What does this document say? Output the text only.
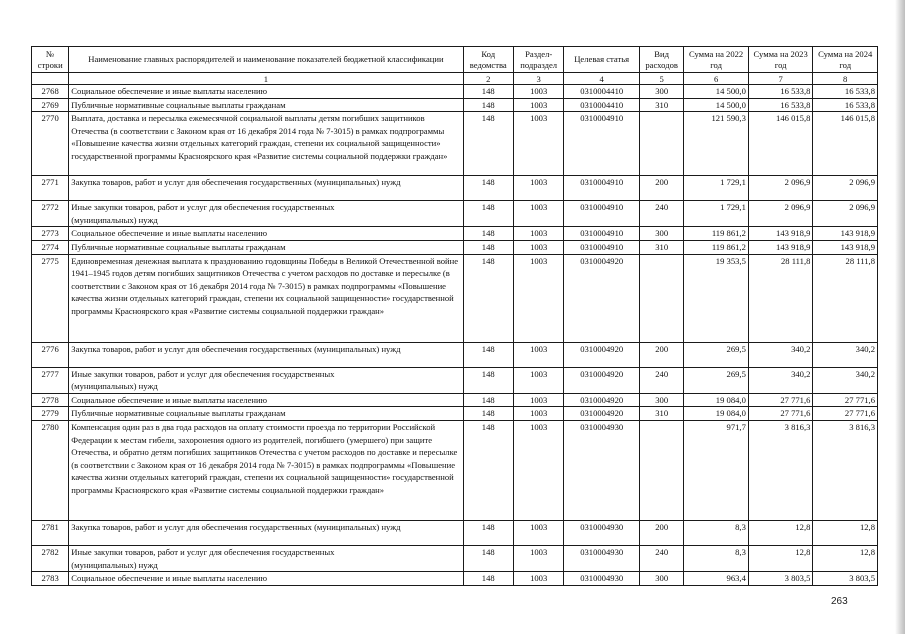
№ строки	Наименование главных распорядителей и наименование показателей бюджетной классификации	Код ведомства	Раздел-подраздел	Целевая статья	Вид расходов	Сумма на 2022 год	Сумма на 2023 год	Сумма на 2024 год
	1	2	3	4	5	6	7	8
2768	Социальное обеспечение и иные выплаты населению	148	1003	0310004410	300	14 500,0	16 533,8	16 533,8
2769	Публичные нормативные социальные выплаты гражданам	148	1003	0310004410	310	14 500,0	16 533,8	16 533,8
2770	Выплата, доставка и пересылка ежемесячной социальной выплаты детям погибших защитников Отечества (в соответствии с Законом края от 16 декабря 2014 года № 7-3015) в рамках подпрограммы «Повышение качества жизни отдельных категорий граждан, степени их социальной защищенности» государственной программы Красноярского края «Развитие системы социальной поддержки граждан»	148	1003	0310004910		121 590,3	146 015,8	146 015,8
2771	Закупка товаров, работ и услуг для обеспечения государственных (муниципальных) нужд	148	1003	0310004910	200	1 729,1	2 096,9	2 096,9
2772	Иные закупки товаров, работ и услуг для обеспечения государственных (муниципальных) нужд	148	1003	0310004910	240	1 729,1	2 096,9	2 096,9
2773	Социальное обеспечение и иные выплаты населению	148	1003	0310004910	300	119 861,2	143 918,9	143 918,9
2774	Публичные нормативные социальные выплаты гражданам	148	1003	0310004910	310	119 861,2	143 918,9	143 918,9
2775	Единовременная денежная выплата к празднованию годовщины Победы в Великой Отечественной войне 1941–1945 годов детям погибших защитников Отечества с учетом расходов по доставке и пересылке (в соответствии с Законом края от 16 декабря 2014 года № 7-3015) в рамках подпрограммы «Повышение качества жизни отдельных категорий граждан, степени их социальной защищенности» государственной программы Красноярского края «Развитие системы социальной поддержки граждан»	148	1003	0310004920		19 353,5	28 111,8	28 111,8
2776	Закупка товаров, работ и услуг для обеспечения государственных (муниципальных) нужд	148	1003	0310004920	200	269,5	340,2	340,2
2777	Иные закупки товаров, работ и услуг для обеспечения государственных (муниципальных) нужд	148	1003	0310004920	240	269,5	340,2	340,2
2778	Социальное обеспечение и иные выплаты населению	148	1003	0310004920	300	19 084,0	27 771,6	27 771,6
2779	Публичные нормативные социальные выплаты гражданам	148	1003	0310004920	310	19 084,0	27 771,6	27 771,6
2780	Компенсация один раз в два года расходов на оплату стоимости проезда по территории Российской Федерации к местам гибели, захоронения одного из родителей, погибшего (умершего) при защите Отечества, и обратно детям погибших защитников Отечества с учетом расходов по доставке и пересылке (в соответствии с Законом края от 16 декабря 2014 года № 7-3015) в рамках подпрограммы «Повышение качества жизни отдельных категорий граждан, степени их социальной защищенности» государственной программы Красноярского края «Развитие системы социальной поддержки граждан»	148	1003	0310004930		971,7	3 816,3	3 816,3
2781	Закупка товаров, работ и услуг для обеспечения государственных (муниципальных) нужд	148	1003	0310004930	200	8,3	12,8	12,8
2782	Иные закупки товаров, работ и услуг для обеспечения государственных (муниципальных) нужд	148	1003	0310004930	240	8,3	12,8	12,8
2783	Социальное обеспечение и иные выплаты населению	148	1003	0310004930	300	963,4	3 803,5	3 803,5
263
